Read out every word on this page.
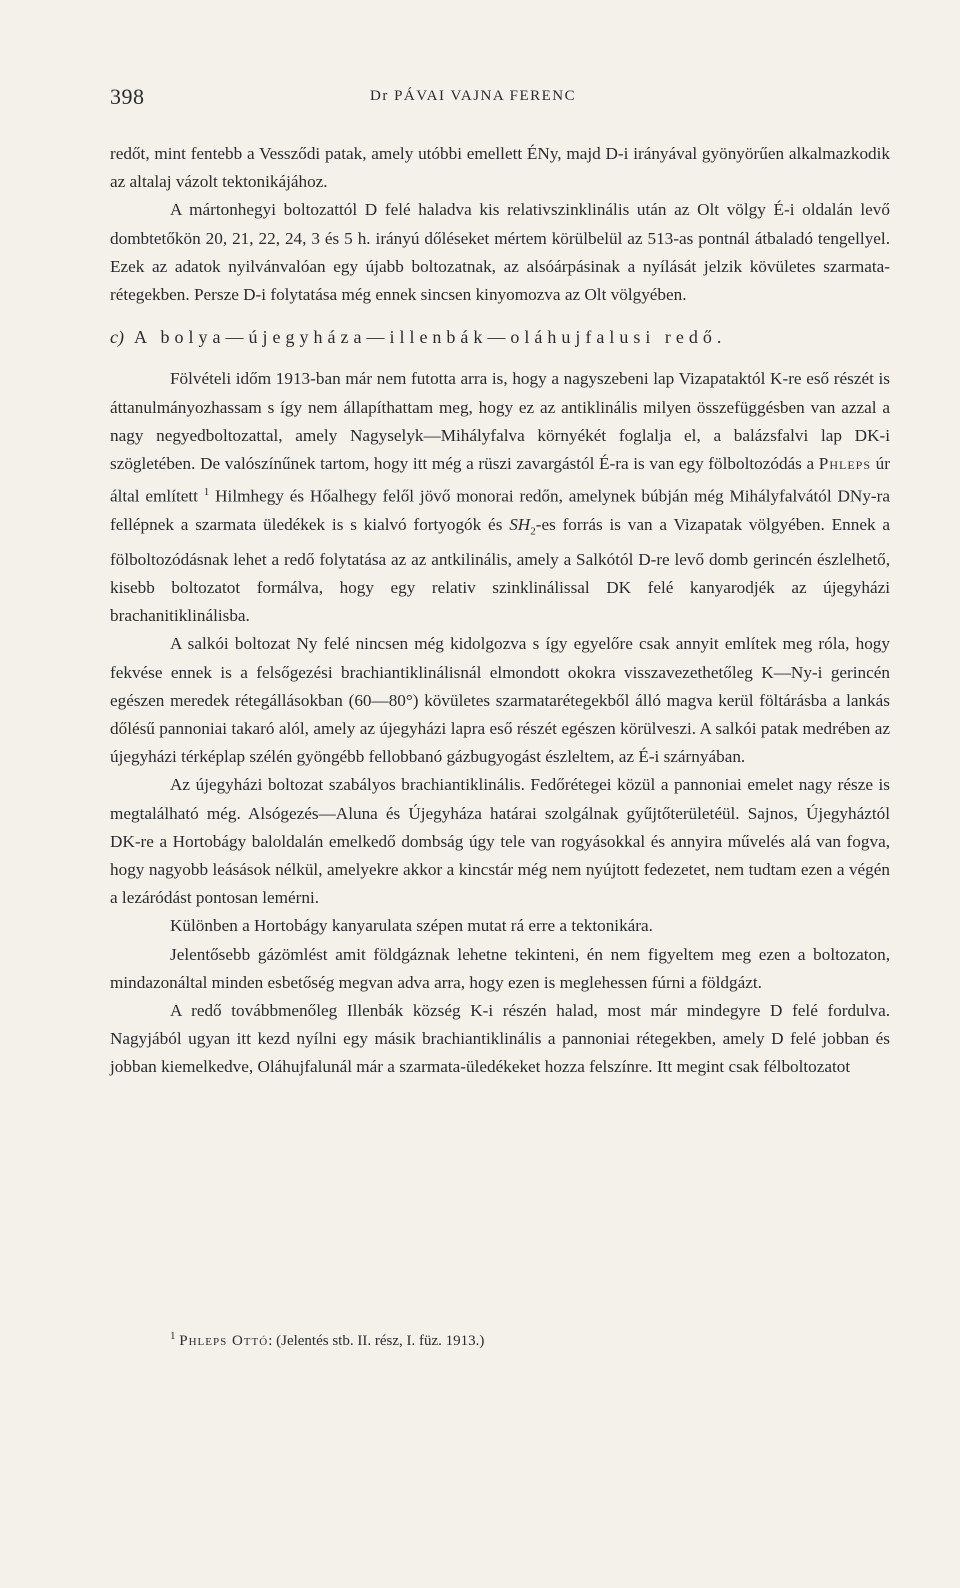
398	Dr PÁVAI VAJNA FERENC

redőt, mint fentebb a Vessződi patak, amely utóbbi emellett ÉNy, majd D-i irányával gyönyörűen alkalmazkodik az altalaj vázolt tektonikájához.

A mártonhegyi boltozattól D felé haladva kis relativszinklinális után az Olt völgy É-i oldalán levő dombtetőkön 20, 21, 22, 24, 3 és 5 h. irányú dőléseket mértem körülbelül az 513-as pontnál átbaladó tengellyel. Ezek az adatok nyilvánvalóan egy újabb boltozatnak, az alsóárpásinak a nyílását jelzik kövületes szarmata-rétegekben. Persze D-i folytatása még ennek sincsen kinyomozva az Olt völgyében.

c) A bolya—újegyháza—illenbák—oláhujfalusi redő.

Fölvételi időm 1913-ban már nem futotta arra is, hogy a nagyszebeni lap Vizapataktól K-re eső részét is áttanulmányozhassam s így nem állapíthattam meg, hogy ez az antiklinális milyen összefüggésben van azzal a nagy negyedboltozattal, amely Nagyselyk—Mihályfalva környékét foglalja el, a balázsfalvi lap DK-i szögletében. De valószínűnek tartom, hogy itt még a rüszi zavargástól É-ra is van egy fölboltozódás a Phleps úr által említett $^1$ Hilmhegy és Hőalhegy felől jövő monorai redőn, amelynek búbján még Mihályfalvától DNy-ra fellépnek a szarmata üledékek is s kialvó fortyogók és $SH_2-es$ forrás is van a Vizapatak völgyében. Ennek a fölboltozódásnak lehet a redő folytatása az az antkilinális, amely a Salkótól D-re levő domb gerincén észlelhető, kisebb boltozatot formálva, hogy egy relativ szinklinálissal DK felé kanyarodjék az újegyházi brachanitiklinálisba.

A salkói boltozat Ny felé nincsen még kidolgozva s így egyelőre csak annyit említek meg róla, hogy fekvése ennek is a felsőgezési brachiantiklinálisnál elmondott okokra visszavezethetőleg K—Ny-i gerincén egészen meredek rétegállásokban (60—80°) kövületes szarmatarétegekből álló magva kerül föltárásba a lankás dőlésű pannoniai takaró alól, amely az újegyházi lapra eső részét egészen körülveszi. A salkói patak medrében az újegyházi térképlap szélén gyöngébb fellobbanó gázbugyogást észleltem, az É-i szárnyában.

Az újegyházi boltozat szabályos brachiantiklinális. Fedőrétegei közül a pannoniai emelet nagy része is megtalálható még. Alsógezés—Aluna és Újegyháza határai szolgálnak gyűjtőterületéül. Sajnos, Újegyháztól DK-re a Hortobágy baloldalán emelkedő dombság úgy tele van rogyásokkal és annyira művelés alá van fogva, hogy nagyobb leásások nélkül, amelyekre akkor a kincstár még nem nyújtott fedezetet, nem tudtam ezen a végén a lezáródást pontosan lemérni.

Különben a Hortobágy kanyarulata szépen mutat rá erre a tektonikára.

Jelentősebb gázömlést amit földgáznak lehetne tekinteni, én nem figyeltem meg ezen a boltozaton, mindazonáltal minden esbetőség megvan adva arra, hogy ezen is meglehessen fúrni a földgázt.

A redő továbbmenőleg Illenbák község K-i részén halad, most már mindegyre D felé fordulva. Nagyjából ugyan itt kezd nyílni egy másik brachiantiklinális a pannoniai rétegekben, amely D felé jobban és jobban kiemelkedve, Oláhujfalunál már a szarmata-üledékeket hozza felszínre. Itt megint csak félboltozatot

$^1$ Phleps Ottó: (Jelentés stb. II. rész, I. füz. 1913.)
